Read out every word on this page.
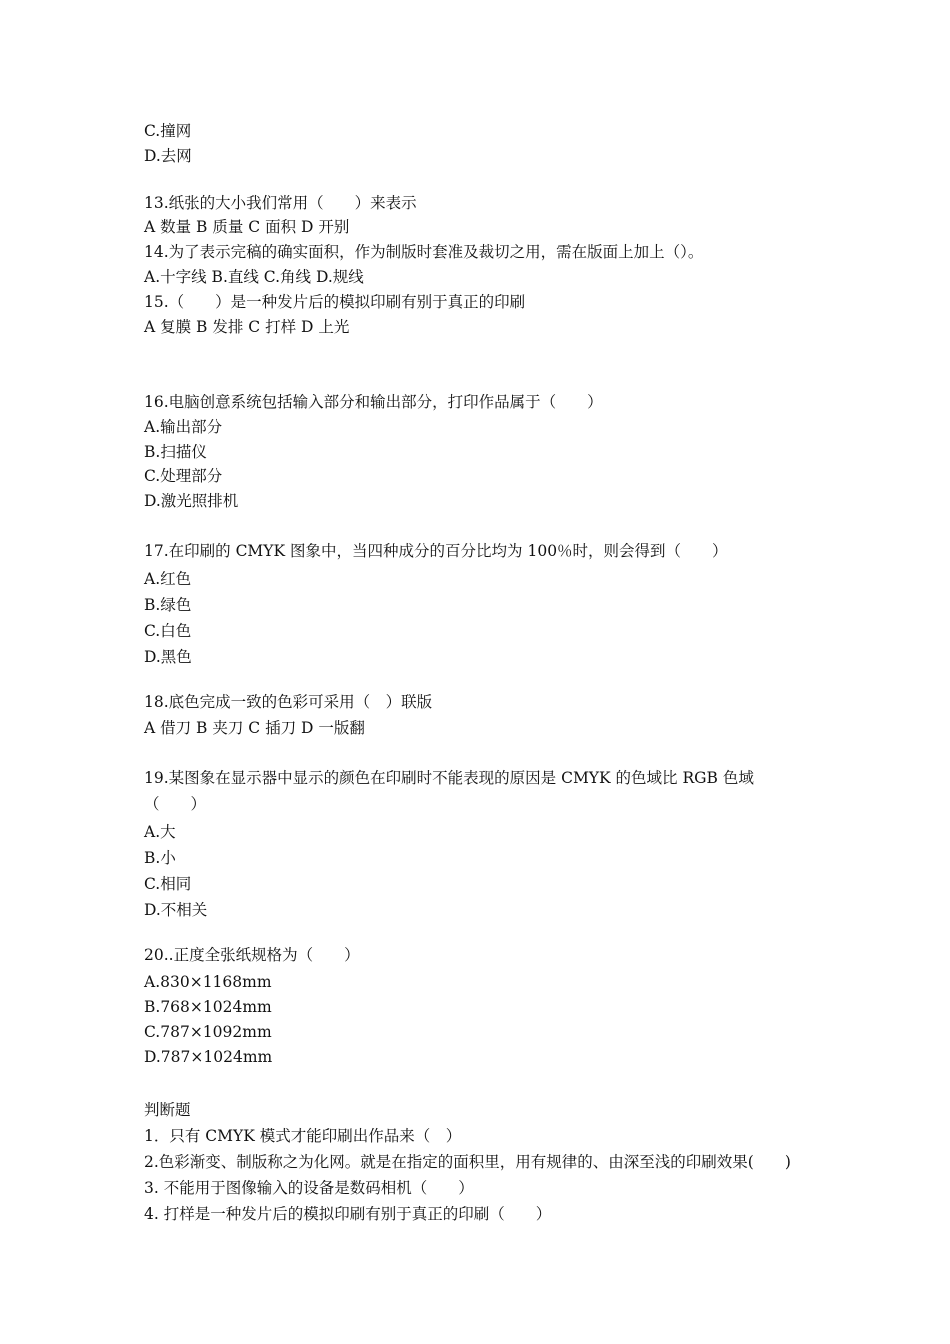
C.撞网
D.去网
13.纸张的大小我们常用（　　）来表示
A 数量 B 质量 C 面积 D 开别
14.为了表示完稿的确实面积，作为制版时套准及裁切之用，需在版面上加上（）。
A.十字线 B.直线 C.角线 D.规线
15.（　　）是一种发片后的模拟印刷有别于真正的印刷
A 复膜 B 发排 C 打样 D 上光
16.电脑创意系统包括输入部分和输出部分，打印作品属于（　　）
A.输出部分
B.扫描仪
C.处理部分
D.激光照排机
17.在印刷的 CMYK 图象中，当四种成分的百分比均为 100％时，则会得到（　　）
A.红色
B.绿色
C.白色
D.黑色
18.底色完成一致的色彩可采用（　）联版
A 借刀 B 夹刀 C 插刀 D 一版翻
19.某图象在显示器中显示的颜色在印刷时不能表现的原因是 CMYK 的色域比 RGB 色域
（　　）
A.大
B.小
C.相同
D.不相关
20..正度全张纸规格为（　　）
A.830×1168mm
B.768×1024mm
C.787×1092mm
D.787×1024mm
判断题
1．只有 CMYK 模式才能印刷出作品来（　）
2.色彩渐变、制版称之为化网。就是在指定的面积里，用有规律的、由深至浅的印刷效果(　　)
3. 不能用于图像输入的设备是数码相机（　　）
4. 打样是一种发片后的模拟印刷有别于真正的印刷（　　）
